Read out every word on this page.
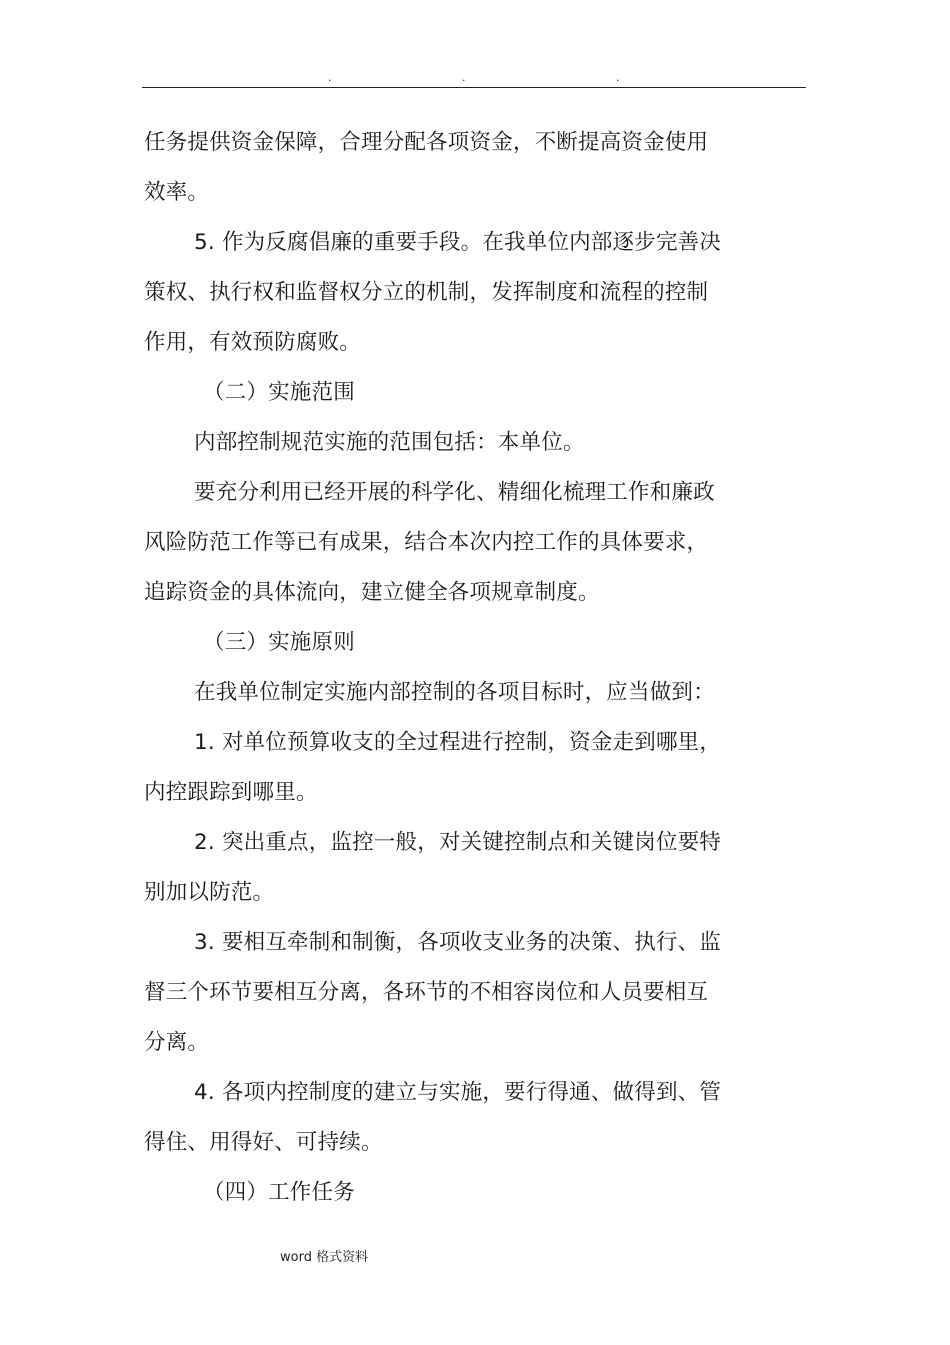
.	.	.
任务提供资金保障，合理分配各项资金，不断提高资金使用
效率。
5. 作为反腐倡廉的重要手段。在我单位内部逐步完善决
策权、执行权和监督权分立的机制，发挥制度和流程的控制
作用，有效预防腐败。
（二）实施范围
内部控制规范实施的范围包括：本单位。
要充分利用已经开展的科学化、精细化梳理工作和廉政
风险防范工作等已有成果，结合本次内控工作的具体要求，
追踪资金的具体流向，建立健全各项规章制度。
（三）实施原则
在我单位制定实施内部控制的各项目标时，应当做到：
1. 对单位预算收支的全过程进行控制，资金走到哪里，
内控跟踪到哪里。
2. 突出重点，监控一般，对关键控制点和关键岗位要特
别加以防范。
3. 要相互牵制和制衡，各项收支业务的决策、执行、监
督三个环节要相互分离，各环节的不相容岗位和人员要相互
分离。
4. 各项内控制度的建立与实施，要行得通、做得到、管
得住、用得好、可持续。
（四）工作任务
word 格式资料
